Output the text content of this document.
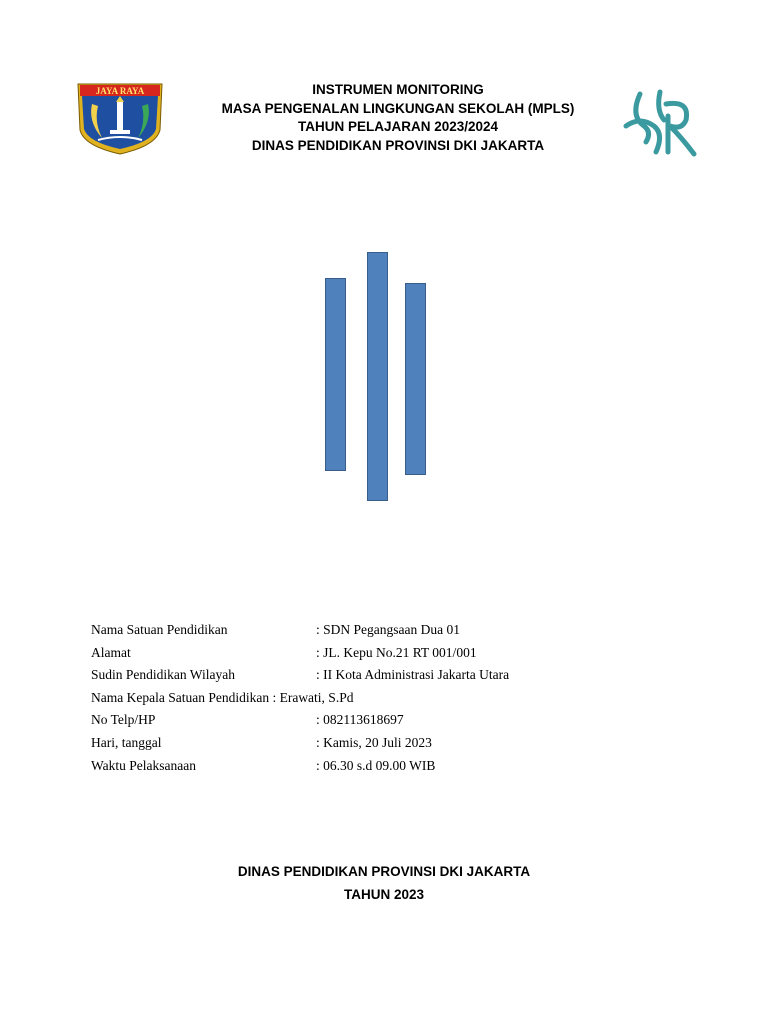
JAYA RAYA	INSTRUMEN MONITORING
MASA PENGENALAN LINGKUNGAN SEKOLAH (MPLS)
TAHUN PELAJARAN 2023/2024
DINAS PENDIDIKAN PROVINSI DKI JAKARTA
Nama Satuan Pendidikan	: SDN Pegangsaan Dua 01
Alamat	: JL. Kepu No.21 RT 001/001
Sudin Pendidikan Wilayah	: II Kota Administrasi Jakarta Utara
Nama Kepala Satuan Pendidikan : Erawati, S.Pd
No Telp/HP	: 082113618697
Hari, tanggal	: Kamis, 20 Juli 2023
Waktu Pelaksanaan	: 06.30 s.d 09.00 WIB
DINAS PENDIDIKAN PROVINSI DKI JAKARTA
TAHUN 2023
